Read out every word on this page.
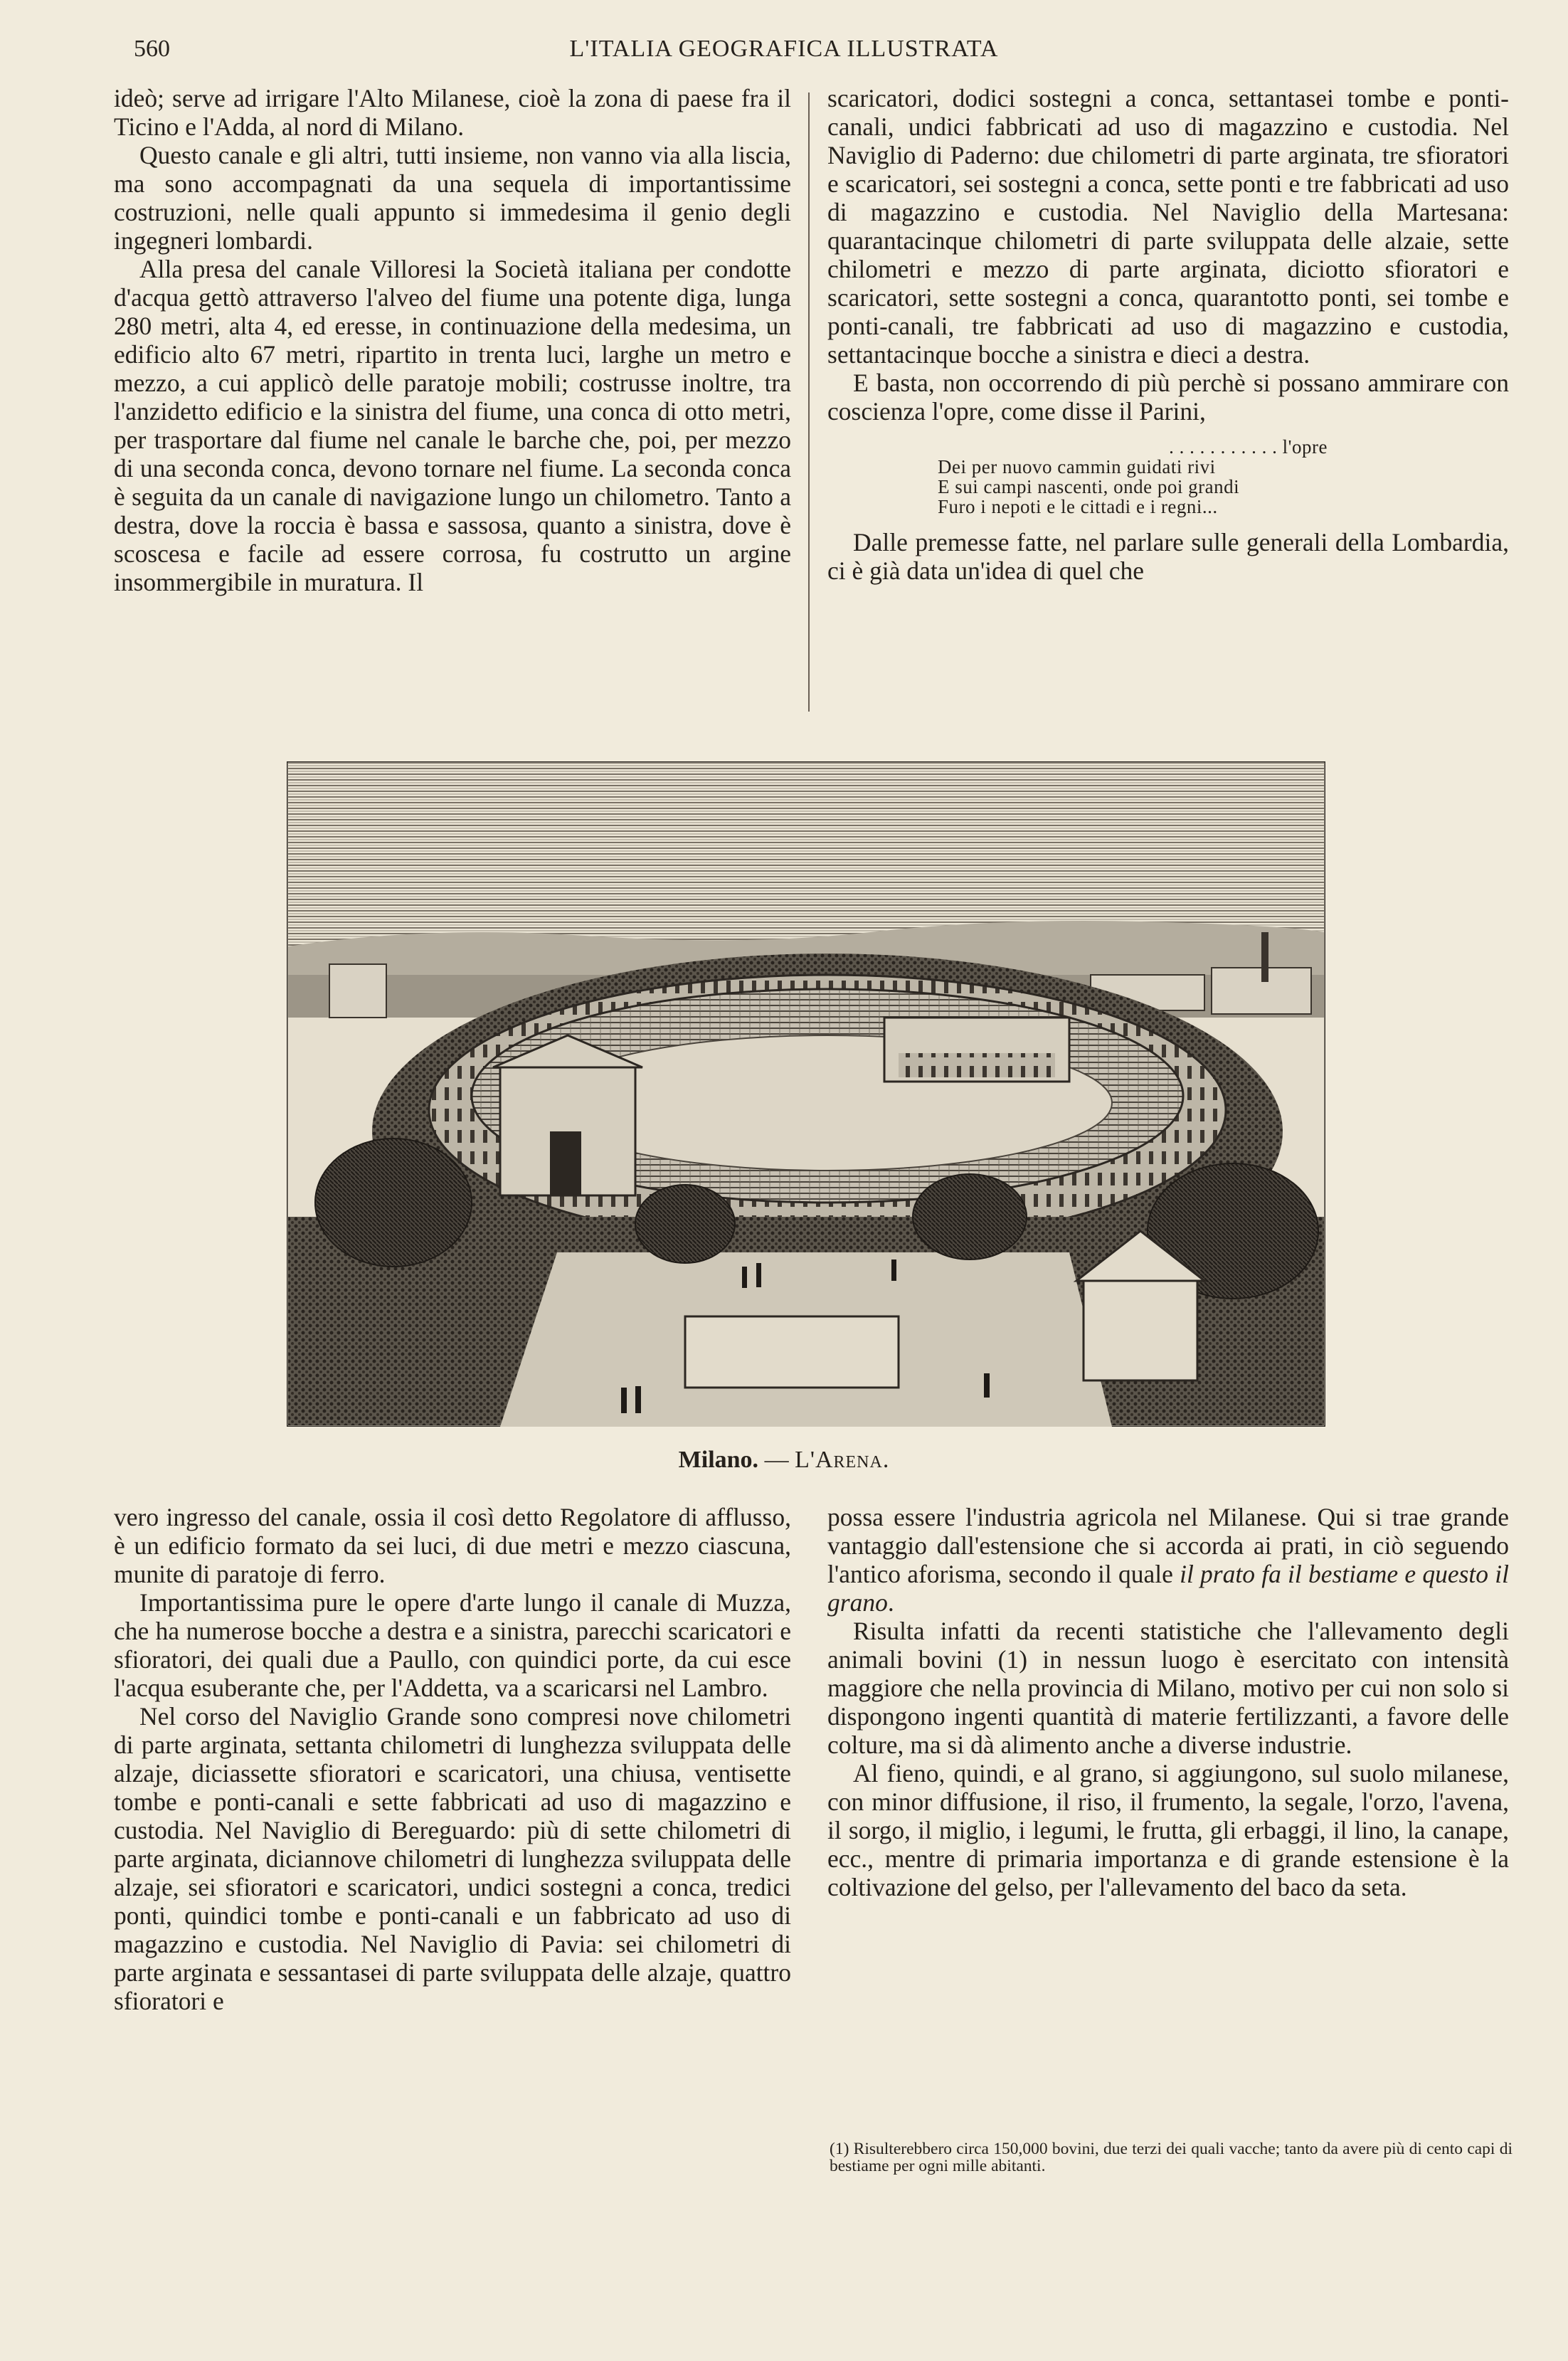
560	L'ITALIA GEOGRAFICA ILLUSTRATA

ideò; serve ad irrigare l'Alto Milanese, cioè la zona di paese fra il Ticino e l'Adda, al nord di Milano.

Questo canale e gli altri, tutti insieme, non vanno via alla liscia, ma sono accompagnati da una sequela di importantissime costruzioni, nelle quali appunto si immedesima il genio degli ingegneri lombardi.

Alla presa del canale Villoresi la Società italiana per condotte d'acqua gettò attraverso l'alveo del fiume una potente diga, lunga 280 metri, alta 4, ed eresse, in continuazione della medesima, un edificio alto 67 metri, ripartito in trenta luci, larghe un metro e mezzo, a cui applicò delle paratoje mobili; costrusse inoltre, tra l'anzidetto edificio e la sinistra del fiume, una conca di otto metri, per trasportare dal fiume nel canale le barche che, poi, per mezzo di una seconda conca, devono tornare nel fiume. La seconda conca è seguita da un canale di navigazione lungo un chilometro. Tanto a destra, dove la roccia è bassa e sassosa, quanto a sinistra, dove è scoscesa e facile ad essere corrosa, fu costrutto un argine insommergibile in muratura. Il

scaricatori, dodici sostegni a conca, settantasei tombe e ponti-canali, undici fabbricati ad uso di magazzino e custodia. Nel Naviglio di Paderno: due chilometri di parte arginata, tre sfioratori e scaricatori, sei sostegni a conca, sette ponti e tre fabbricati ad uso di magazzino e custodia. Nel Naviglio della Martesana: quarantacinque chilometri di parte sviluppata delle alzaie, sette chilometri e mezzo di parte arginata, diciotto sfioratori e scaricatori, sette sostegni a conca, quarantotto ponti, sei tombe e ponti-canali, tre fabbricati ad uso di magazzino e custodia, settantacinque bocche a sinistra e dieci a destra.

E basta, non occorrendo di più perchè si possano ammirare con coscienza l'opre, come disse il Parini,

. . . . . . . . . . . l'opre
Dei per nuovo cammin guidati rivi
E sui campi nascenti, onde poi grandi
Furo i nepoti e le cittadi e i regni...

Dalle premesse fatte, nel parlare sulle generali della Lombardia, ci è già data un'idea di quel che

Milano. — L'Arena.

vero ingresso del canale, ossia il così detto Regolatore di afflusso, è un edificio formato da sei luci, di due metri e mezzo ciascuna, munite di paratoje di ferro.

Importantissima pure le opere d'arte lungo il canale di Muzza, che ha numerose bocche a destra e a sinistra, parecchi scaricatori e sfioratori, dei quali due a Paullo, con quindici porte, da cui esce l'acqua esuberante che, per l'Addetta, va a scaricarsi nel Lambro.

Nel corso del Naviglio Grande sono compresi nove chilometri di parte arginata, settanta chilometri di lunghezza sviluppata delle alzaje, diciassette sfioratori e scaricatori, una chiusa, ventisette tombe e ponti-canali e sette fabbricati ad uso di magazzino e custodia. Nel Naviglio di Bereguardo: più di sette chilometri di parte arginata, diciannove chilometri di lunghezza sviluppata delle alzaje, sei sfioratori e scaricatori, undici sostegni a conca, tredici ponti, quindici tombe e ponti-canali e un fabbricato ad uso di magazzino e custodia. Nel Naviglio di Pavia: sei chilometri di parte arginata e sessantasei di parte sviluppata delle alzaje, quattro sfioratori e

possa essere l'industria agricola nel Milanese. Qui si trae grande vantaggio dall'estensione che si accorda ai prati, in ciò seguendo l'antico aforisma, secondo il quale il prato fa il bestiame e questo il grano.

Risulta infatti da recenti statistiche che l'allevamento degli animali bovini (1) in nessun luogo è esercitato con intensità maggiore che nella provincia di Milano, motivo per cui non solo si dispongono ingenti quantità di materie fertilizzanti, a favore delle colture, ma si dà alimento anche a diverse industrie.

Al fieno, quindi, e al grano, si aggiungono, sul suolo milanese, con minor diffusione, il riso, il frumento, la segale, l'orzo, l'avena, il sorgo, il miglio, i legumi, le frutta, gli erbaggi, il lino, la canape, ecc., mentre di primaria importanza e di grande estensione è la coltivazione del gelso, per l'allevamento del baco da seta.

(1) Risulterebbero circa 150,000 bovini, due terzi dei quali vacche; tanto da avere più di cento capi di bestiame per ogni mille abitanti.
